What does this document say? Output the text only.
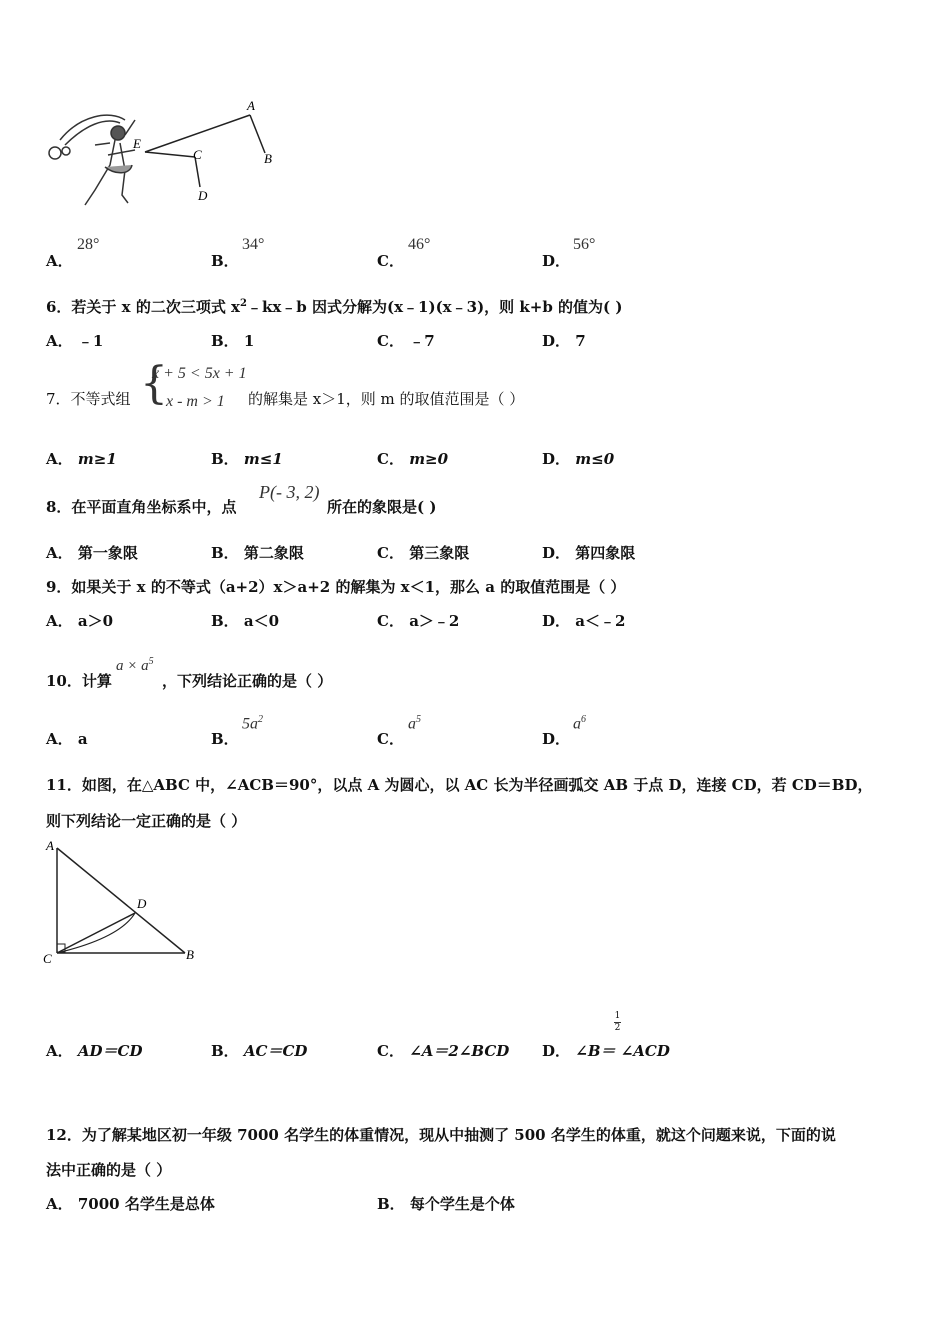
A
B
C
D
E
A．
28°
B．
34°
C．
46°
D．
56°
6．若关于 x 的二次三项式 $x^2﹣kx﹣b$ 因式分解为(x﹣1)(x﹣3)，则 k+b 的值为( )
A． ﹣1	B． 1	C． ﹣7	D． 7
7．不等式组 {
x + 5 < 5x + 1
x - m > 1 的解集是 x＞1，则 m 的取值范围是（ ）
A． m≥1	B． m≤1	C． m≥0	D． m≤0
8．在平面直角坐标系中，点
P(- 3, 2)
所在的象限是( )
A． 第一象限	B． 第二象限	C． 第三象限	D． 第四象限
9．如果关于 x 的不等式（a+2）x＞a+2 的解集为 x＜1，那么 a 的取值范围是（ ）
A． a＞0	B． a＜0	C． a＞﹣2	D． a＜﹣2
10．计算
$a \times a^5$
，下列结论正确的是（ ）
A． a	B．
$5a^2$
C．
$a^5$
D．
$a^6$
11．如图，在△ABC 中，∠ACB＝90°，以点 A 为圆心，以 AC 长为半径画弧交 AB 于点 D，连接 CD，若 CD＝BD，
则下列结论一定正确的是（ ）
A
C
D
B
A． AD＝CD	B． AC＝CD	C． ∠A＝2∠BCD D． ∠B＝ ∠ACD
1
2
12．为了解某地区初一年级 7000 名学生的体重情况，现从中抽测了 500 名学生的体重，就这个问题来说，下面的说
法中正确的是（ ）
A． 7000 名学生是总体	B． 每个学生是个体
